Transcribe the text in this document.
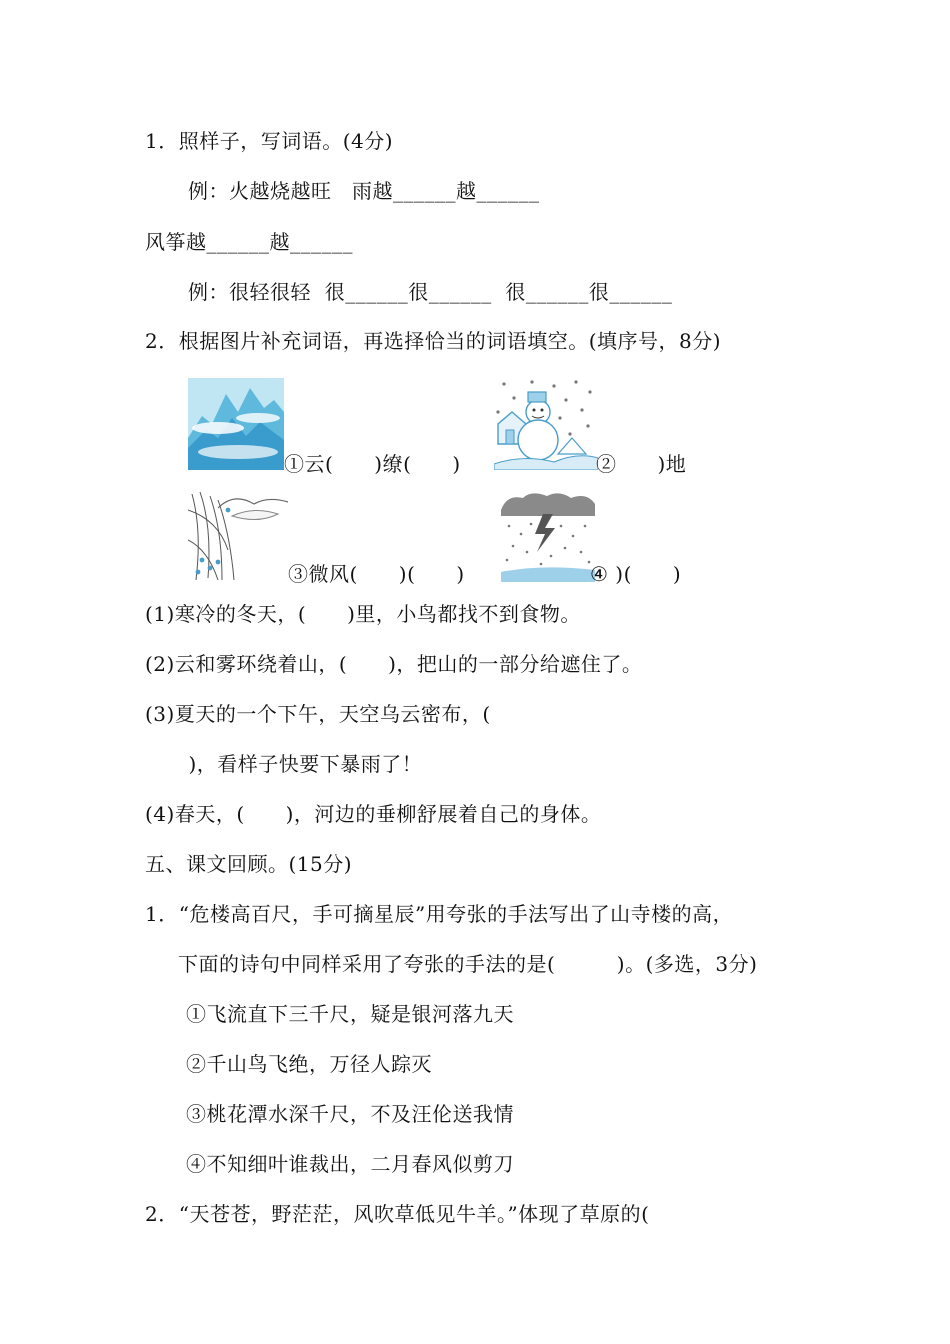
1．照样子，写词语。(4分)
例：火越烧越旺　雨越______越______
风筝越______越______
例：很轻很轻  很______很______  很______很______
2．根据图片补充词语，再选择恰当的词语填空。(填序号，8分)
①云(　　)缭(　　)	②　　)地
③微风(　　)(　　)	④ )(　　)
(1)寒冷的冬天，(　　)里，小鸟都找不到食物。
(2)云和雾环绕着山，(　　)，把山的一部分给遮住了。
(3)夏天的一个下午，天空乌云密布，(
　)，看样子快要下暴雨了！
(4)春天，(　　)，河边的垂柳舒展着自己的身体。
五、课文回顾。(15分)
1．“危楼高百尺，手可摘星辰”用夸张的手法写出了山寺楼的高，
下面的诗句中同样采用了夸张的手法的是(　　　)。(多选，3分)
①飞流直下三千尺，疑是银河落九天
②千山鸟飞绝，万径人踪灭
③桃花潭水深千尺，不及汪伦送我情
④不知细叶谁裁出，二月春风似剪刀
2．“天苍苍，野茫茫，风吹草低见牛羊。”体现了草原的(
